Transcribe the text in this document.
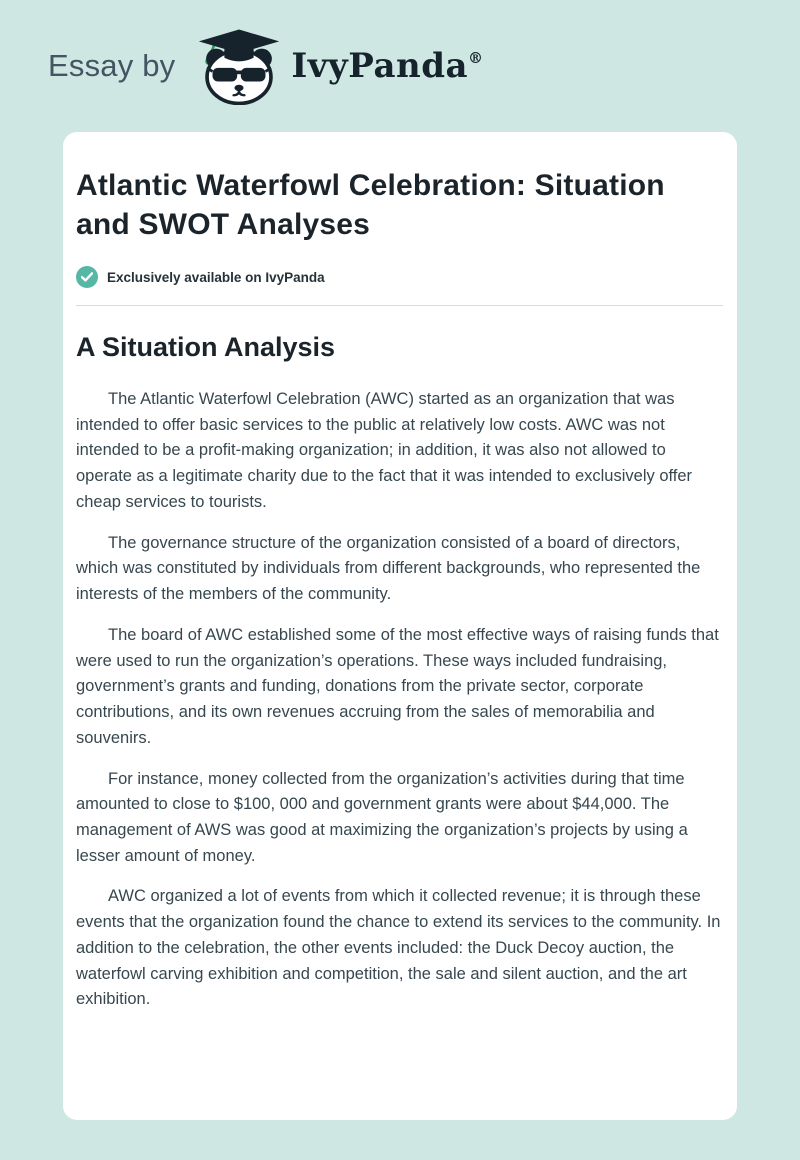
Essay by	IvyPanda®
Atlantic Waterfowl Celebration: Situation and SWOT Analyses
Exclusively available on IvyPanda
A Situation Analysis

The Atlantic Waterfowl Celebration (AWC) started as an organization that was intended to offer basic services to the public at relatively low costs. AWC was not intended to be a profit-making organization; in addition, it was also not allowed to operate as a legitimate charity due to the fact that it was intended to exclusively offer cheap services to tourists.

The governance structure of the organization consisted of a board of directors, which was constituted by individuals from different backgrounds, who represented the interests of the members of the community.

The board of AWC established some of the most effective ways of raising funds that were used to run the organization’s operations. These ways included fundraising, government’s grants and funding, donations from the private sector, corporate contributions, and its own revenues accruing from the sales of memorabilia and souvenirs.

For instance, money collected from the organization’s activities during that time amounted to close to $100, 000 and government grants were about $44,000. The management of AWS was good at maximizing the organization’s projects by using a lesser amount of money.

AWC organized a lot of events from which it collected revenue; it is through these events that the organization found the chance to extend its services to the community. In addition to the celebration, the other events included: the Duck Decoy auction, the waterfowl carving exhibition and competition, the sale and silent auction, and the art exhibition.
